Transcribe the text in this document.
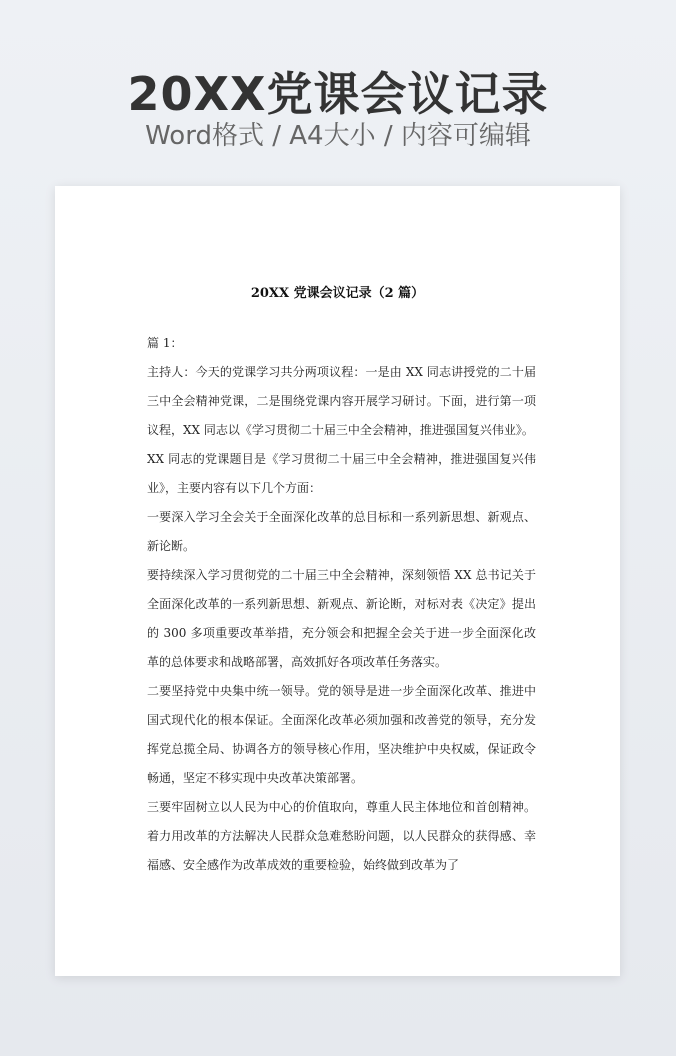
20XX党课会议记录
Word格式 / A4大小 / 内容可编辑
20XX 党课会议记录（2 篇）

篇 1：

主持人：今天的党课学习共分两项议程：一是由 XX 同志讲授党的二十届三中全会精神党课，二是围绕党课内容开展学习研讨。下面，进行第一项议程，XX 同志以《学习贯彻二十届三中全会精神，推进强国复兴伟业》。

XX 同志的党课题目是《学习贯彻二十届三中全会精神，推进强国复兴伟业》，主要内容有以下几个方面：

一要深入学习全会关于全面深化改革的总目标和一系列新思想、新观点、新论断。

要持续深入学习贯彻党的二十届三中全会精神，深刻领悟 XX 总书记关于全面深化改革的一系列新思想、新观点、新论断，对标对表《决定》提出的 300 多项重要改革举措，充分领会和把握全会关于进一步全面深化改革的总体要求和战略部署，高效抓好各项改革任务落实。

二要坚持党中央集中统一领导。党的领导是进一步全面深化改革、推进中国式现代化的根本保证。全面深化改革必须加强和改善党的领导，充分发挥党总揽全局、协调各方的领导核心作用，坚决维护中央权威，保证政令畅通，坚定不移实现中央改革决策部署。

三要牢固树立以人民为中心的价值取向，尊重人民主体地位和首创精神。着力用改革的方法解决人民群众急难愁盼问题，以人民群众的获得感、幸福感、安全感作为改革成效的重要检验，始终做到改革为了
